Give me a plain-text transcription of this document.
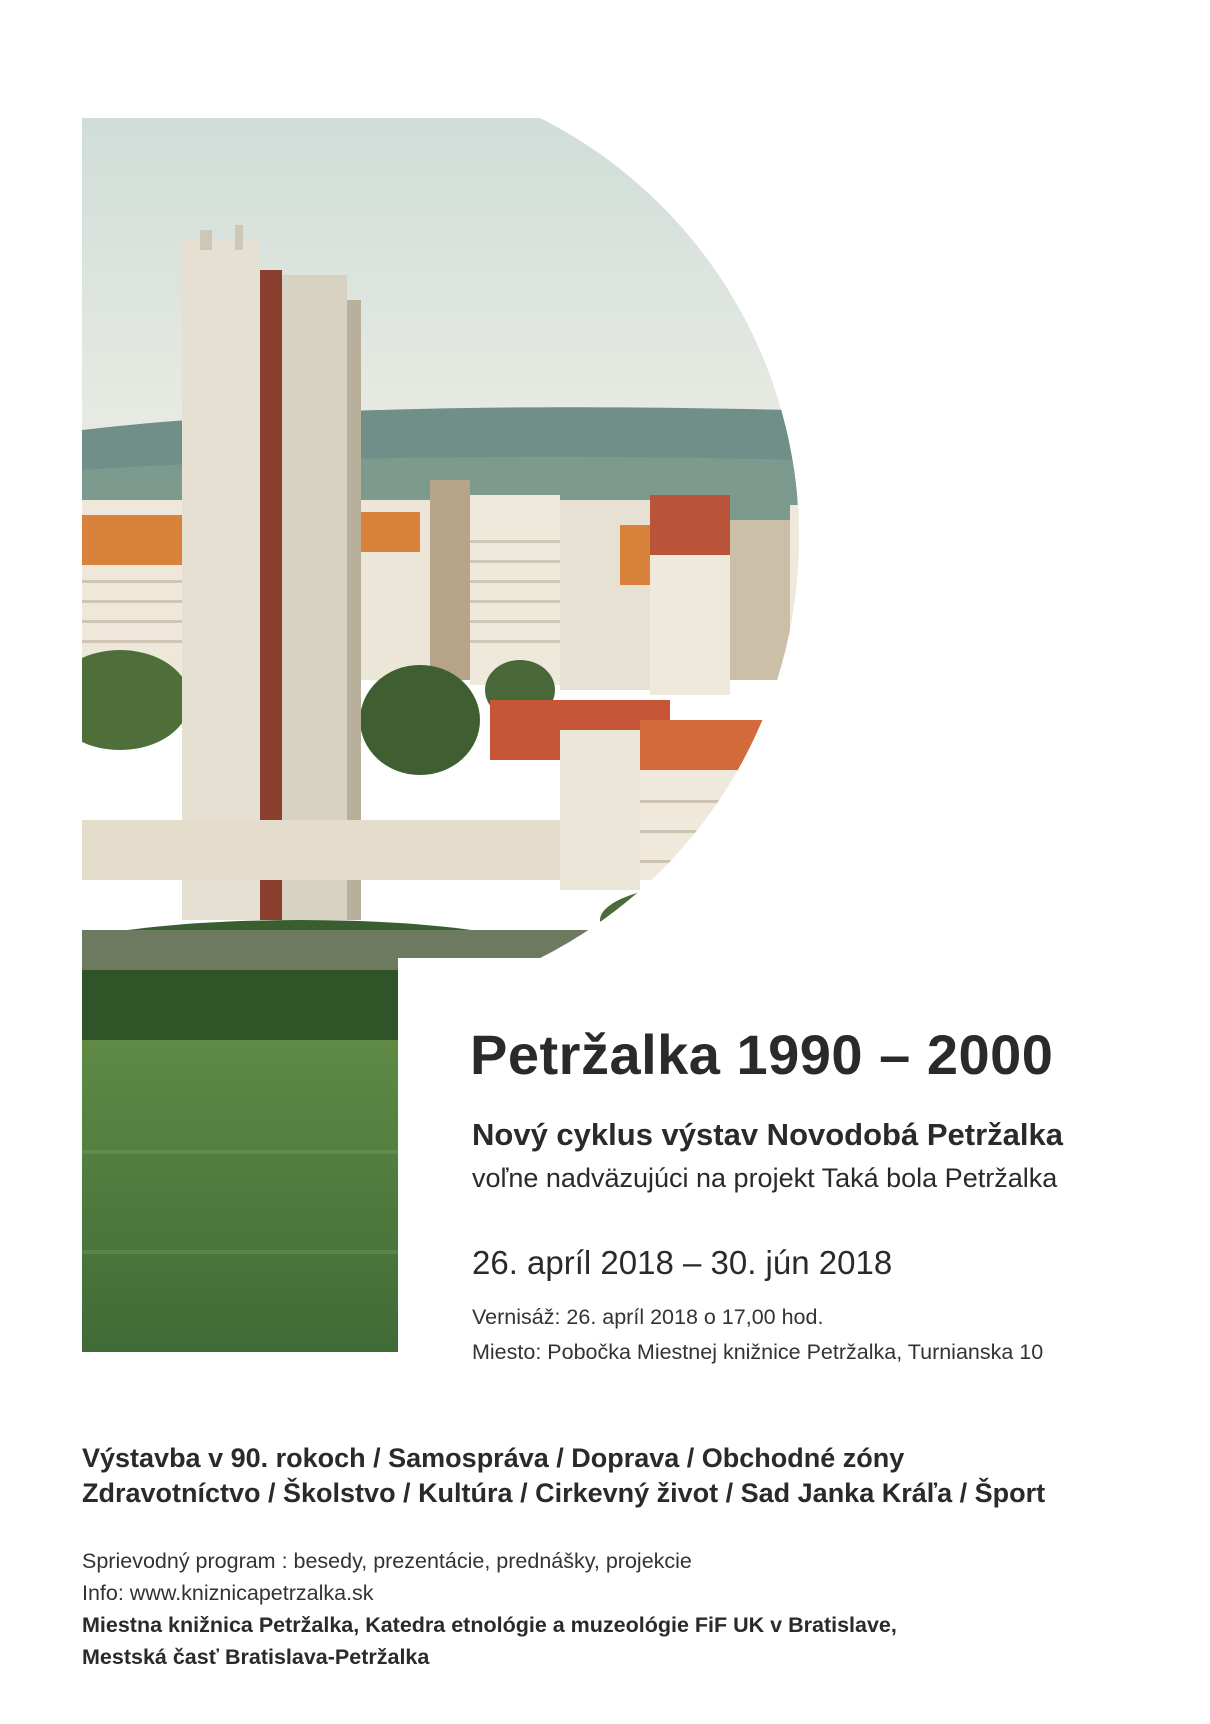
Petržalka 1990 – 2000
Nový cyklus výstav Novodobá Petržalka
voľne nadväzujúci na projekt Taká bola Petržalka
26. apríl 2018 – 30. jún 2018
Vernisáž: 26. apríl 2018 o 17,00 hod.
Miesto: Pobočka Miestnej knižnice Petržalka, Turnianska 10
Výstavba v 90. rokoch / Samospráva / Doprava / Obchodné zóny
Zdravotníctvo / Školstvo / Kultúra / Cirkevný život / Sad Janka Kráľa / Šport
Sprievodný program : besedy, prezentácie, prednášky, projekcie
Info: www.kniznicapetrzalka.sk
Miestna knižnica Petržalka, Katedra etnológie a muzeológie FiF UK v Bratislave,
Mestská časť Bratislava-Petržalka
